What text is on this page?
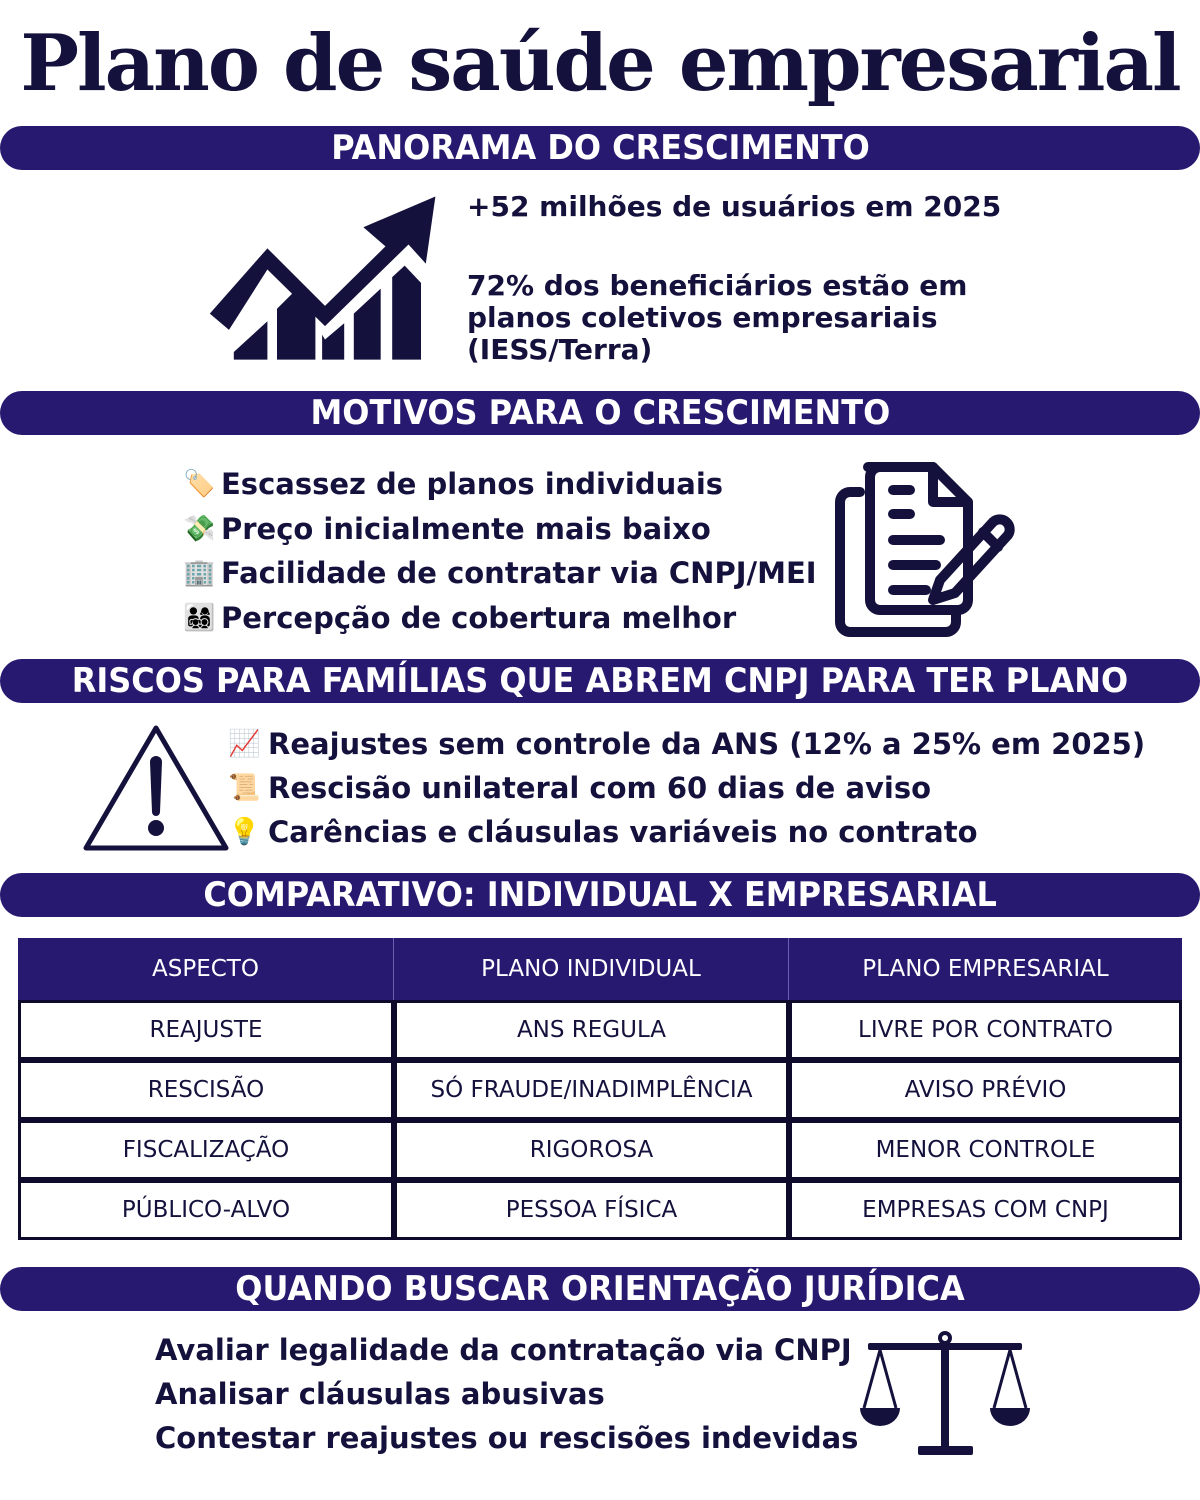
Plano de saúde empresarial
PANORAMA DO CRESCIMENTO
+52 milhões de usuários em 2025
72% dos beneficiários estão em planos coletivos empresariais (IESS/Terra)
MOTIVOS PARA O CRESCIMENTO
🏷️ Escassez de planos individuais
💸 Preço inicialmente mais baixo
🏢 Facilidade de contratar via CNPJ/MEI
👨‍👩‍👧‍👦 Percepção de cobertura melhor
RISCOS PARA FAMÍLIAS QUE ABREM CNPJ PARA TER PLANO
📈 Reajustes sem controle da ANS (12% a 25% em 2025)
📜 Rescisão unilateral com 60 dias de aviso
💡 Carências e cláusulas variáveis no contrato
COMPARATIVO: INDIVIDUAL X EMPRESARIAL
ASPECTO	PLANO INDIVIDUAL	PLANO EMPRESARIAL
REAJUSTE	ANS REGULA	LIVRE POR CONTRATO
RESCISÃO	SÓ FRAUDE/INADIMPLÊNCIA	AVISO PRÉVIO
FISCALIZAÇÃO	RIGOROSA	MENOR CONTROLE
PÚBLICO-ALVO	PESSOA FÍSICA	EMPRESAS COM CNPJ
QUANDO BUSCAR ORIENTAÇÃO JURÍDICA
Avaliar legalidade da contratação via CNPJ
Analisar cláusulas abusivas
Contestar reajustes ou rescisões indevidas
